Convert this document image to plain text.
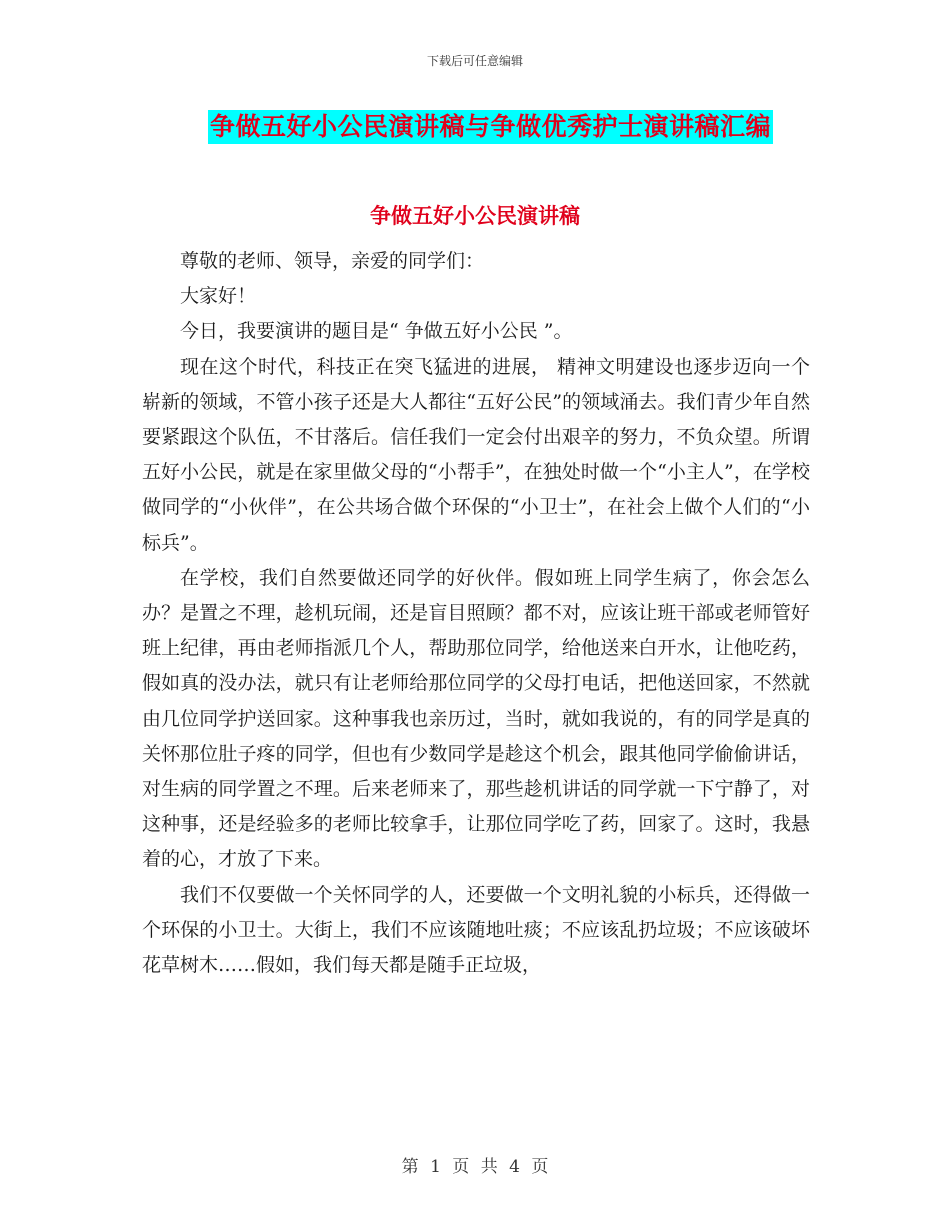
下载后可任意编辑
争做五好小公民演讲稿与争做优秀护士演讲稿汇编
争做五好小公民演讲稿

尊敬的老师、领导，亲爱的同学们：

大家好！

今日，我要演讲的题目是“ 争做五好小公民 ”。

现在这个时代，科技正在突飞猛进的进展， 精神文明建设也逐步迈向一个崭新的领域，不管小孩子还是大人都往“五好公民”的领域涌去。我们青少年自然要紧跟这个队伍，不甘落后。信任我们一定会付出艰辛的努力，不负众望。所谓五好小公民，就是在家里做父母的“小帮手”，在独处时做一个“小主人”，在学校做同学的“小伙伴”，在公共场合做个环保的“小卫士”，在社会上做个人们的“小标兵”。

在学校，我们自然要做还同学的好伙伴。假如班上同学生病了，你会怎么办？是置之不理，趁机玩闹，还是盲目照顾？都不对，应该让班干部或老师管好班上纪律，再由老师指派几个人，帮助那位同学，给他送来白开水，让他吃药，假如真的没办法，就只有让老师给那位同学的父母打电话，把他送回家，不然就由几位同学护送回家。这种事我也亲历过，当时，就如我说的，有的同学是真的关怀那位肚子疼的同学，但也有少数同学是趁这个机会，跟其他同学偷偷讲话，对生病的同学置之不理。后来老师来了，那些趁机讲话的同学就一下宁静了，对这种事，还是经验多的老师比较拿手，让那位同学吃了药，回家了。这时，我悬着的心，才放了下来。

我们不仅要做一个关怀同学的人，还要做一个文明礼貌的小标兵，还得做一个环保的小卫士。大街上，我们不应该随地吐痰；不应该乱扔垃圾；不应该破坏花草树木……假如，我们每天都是随手正垃圾，

第 1 页 共 4 页
